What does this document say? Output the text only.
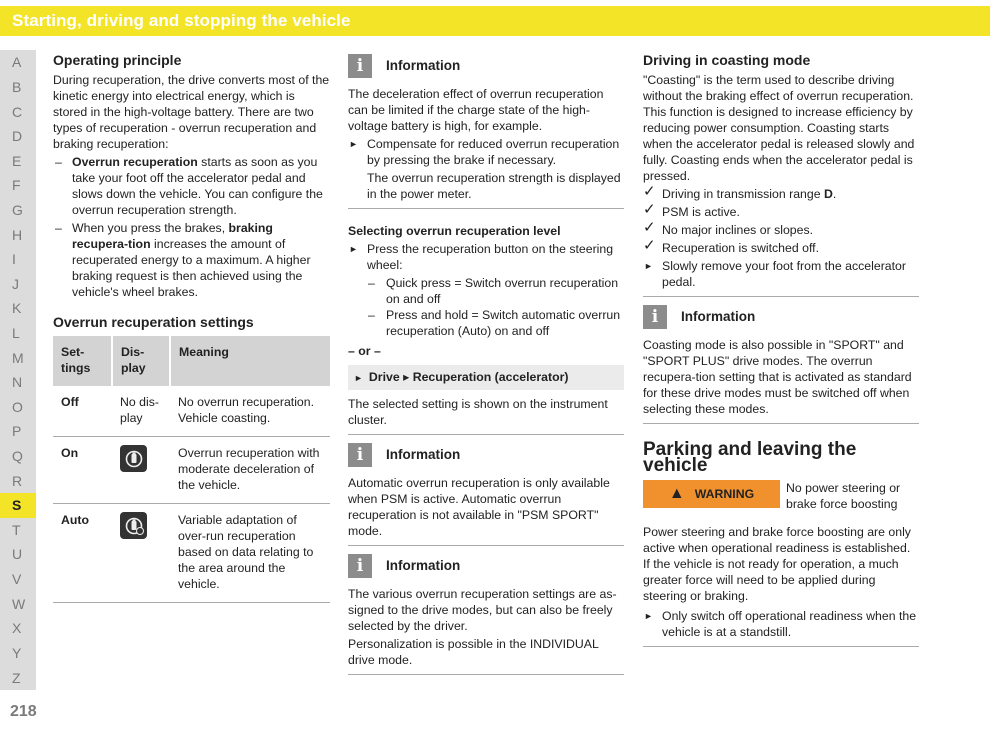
Starting, driving and stopping the vehicle
A
B
C
D
E
F
G
H
I
J
K
L
M
N
O
P
Q
R
S
T
U
V
W
X
Y
Z
218
Operating principle

During recuperation, the drive converts most of the kinetic energy into electrical energy, which is stored in the high-voltage battery. There are two types of recuperation - overrun recuperation and braking recuperation:

– Overrun recuperation starts as soon as you take your foot off the accelerator pedal and slows down the vehicle. You can configure the overrun recuperation strength.
– When you press the brakes, braking recupera-tion increases the amount of recuperated energy to a maximum. A higher braking request is then achieved using the vehicle's wheel brakes.
Overrun recuperation settings
Set-tings	Dis-play	Meaning
Off	No dis-play	No overrun recuperation. Vehicle coasting.
On		Overrun recuperation with moderate deceleration of the vehicle.
Auto		Variable adaptation of over-run recuperation based on data relating to the area around the vehicle.
i	Information

The deceleration effect of overrun recuperation can be limited if the charge state of the high-voltage battery is high, for example.

► Compensate for reduced overrun recuperation by pressing the brake if necessary.

The overrun recuperation strength is displayed in the power meter.

Selecting overrun recuperation level
► Press the recuperation button on the steering wheel:
– Quick press = Switch overrun recuperation on and off
– Press and hold = Switch automatic overrun recuperation (Auto) on and off

– or –

► Drive ▸ Recuperation (accelerator)

The selected setting is shown on the instrument cluster.

i	Information

Automatic overrun recuperation is only available when PSM is active. Automatic overrun recuperation is not available in "PSM SPORT" mode.

i	Information

The various overrun recuperation settings are as-signed to the drive modes, but can also be freely selected by the driver.

Personalization is possible in the INDIVIDUAL drive mode.

Driving in coasting mode

"Coasting" is the term used to describe driving without the braking effect of overrun recuperation. This function is designed to increase efficiency by reducing power consumption. Coasting starts when the accelerator pedal is released slowly and fully. Coasting ends when the accelerator pedal is pressed.

✓ Driving in transmission range D.
✓ PSM is active.
✓ No major inclines or slopes.
✓ Recuperation is switched off.
► Slowly remove your foot from the accelerator pedal.
i	Information

Coasting mode is also possible in "SPORT" and "SPORT PLUS" drive modes. The overrun recupera-tion setting that is activated as standard for these drive modes must be switched off when selecting these modes.

Parking and leaving the vehicle
▲ WARNING	No power steering or brake force boosting

Power steering and brake force boosting are only active when operational readiness is established. If the vehicle is not ready for operation, a much greater force will need to be applied during steering or braking.

► Only switch off operational readiness when the vehicle is at a standstill.
